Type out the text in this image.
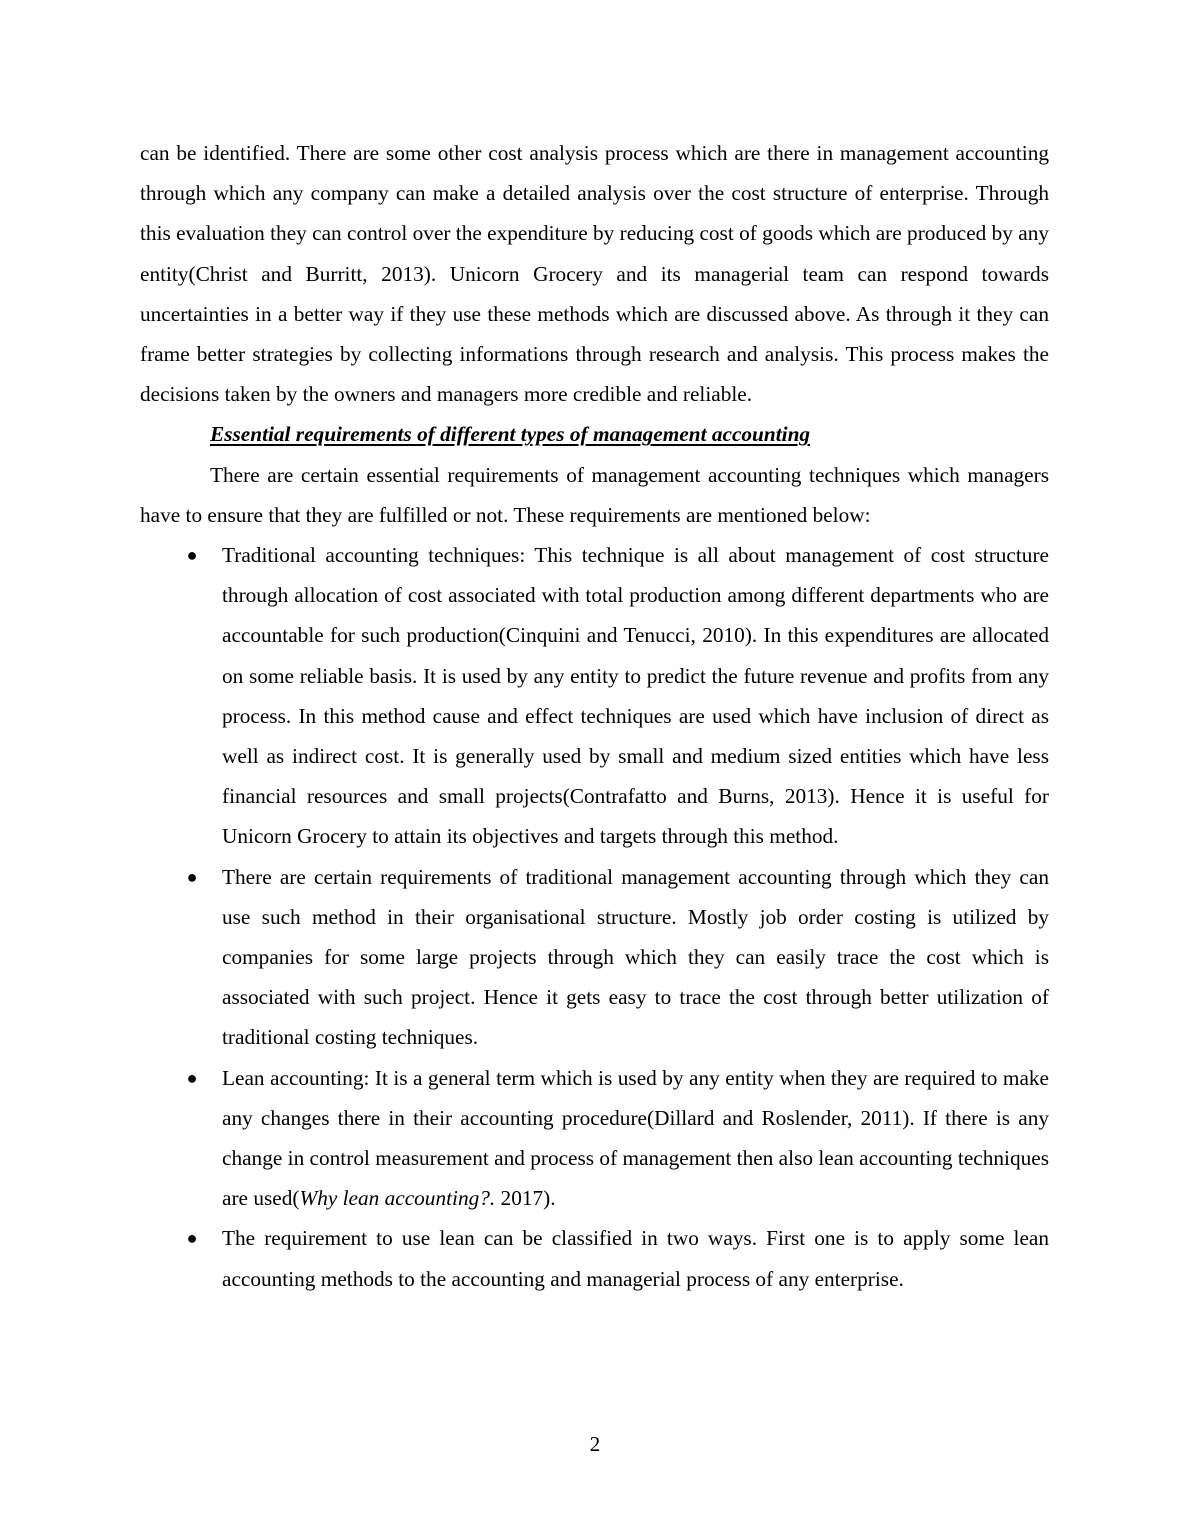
can be identified. There are some other cost analysis process which are there in management accounting through which any company can make a detailed analysis over the cost structure of enterprise. Through this evaluation they can control over the expenditure by reducing cost of goods which are produced by any entity(Christ and Burritt, 2013). Unicorn Grocery and its managerial team can respond towards uncertainties in a better way if they use these methods which are discussed above. As through it they can frame better strategies by collecting informations through research and analysis. This process makes the decisions taken by the owners and managers more credible and reliable.

Essential requirements of different types of management accounting

There are certain essential requirements of management accounting techniques which managers have to ensure that they are fulfilled or not. These requirements are mentioned below:

● Traditional accounting techniques: This technique is all about management of cost structure through allocation of cost associated with total production among different departments who are accountable for such production(Cinquini and Tenucci, 2010). In this expenditures are allocated on some reliable basis. It is used by any entity to predict the future revenue and profits from any process. In this method cause and effect techniques are used which have inclusion of direct as well as indirect cost. It is generally used by small and medium sized entities which have less financial resources and small projects(Contrafatto and Burns, 2013). Hence it is useful for Unicorn Grocery to attain its objectives and targets through this method.
● There are certain requirements of traditional management accounting through which they can use such method in their organisational structure. Mostly job order costing is utilized by companies for some large projects through which they can easily trace the cost which is associated with such project. Hence it gets easy to trace the cost through better utilization of traditional costing techniques.
● Lean accounting: It is a general term which is used by any entity when they are required to make any changes there in their accounting procedure(Dillard and Roslender, 2011). If there is any change in control measurement and process of management then also lean accounting techniques are used(Why lean accounting?. 2017).
● The requirement to use lean can be classified in two ways. First one is to apply some lean accounting methods to the accounting and managerial process of any enterprise.
2
